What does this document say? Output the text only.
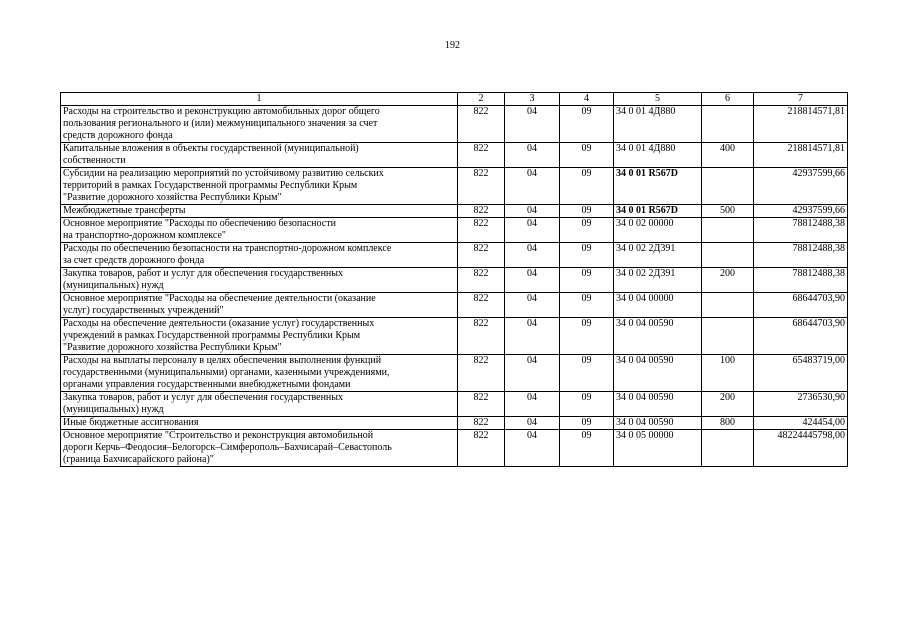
192
1	2	3	4	5	6	7

Расходы на строительство и реконструкцию автомобильных дорог общего
пользования регионального и (или) межмуниципального значения за счет
средств дорожного фонда	822	04	09	34 0 01 4Д880		218814571,81

Капитальные вложения в объекты государственной (муниципальной)
собственности	822	04	09	34 0 01 4Д880	400	218814571,81

Субсидии на реализацию мероприятий по устойчивому развитию сельских
территорий в рамках Государственной программы Республики Крым
"Развитие дорожного хозяйства Республики Крым"	822	04	09	34 0 01 R567D		42937599,66

Межбюджетные трансферты	822	04	09	34 0 01 R567D	500	42937599,66

Основное мероприятие "Расходы по обеспечению безопасности
на транспортно-дорожном комплексе"	822	04	09	34 0 02 00000		78812488,38

Расходы по обеспечению безопасности на транспортно-дорожном комплексе
за счет средств дорожного фонда	822	04	09	34 0 02 2Д391		78812488,38

Закупка товаров, работ и услуг для обеспечения государственных
(муниципальных) нужд	822	04	09	34 0 02 2Д391	200	78812488,38

Основное мероприятие "Расходы на обеспечение деятельности (оказание
услуг) государственных учреждений"	822	04	09	34 0 04 00000		68644703,90

Расходы на обеспечение деятельности (оказание услуг) государственных
учреждений в рамках Государственной программы Республики Крым
"Развитие дорожного хозяйства Республики Крым"	822	04	09	34 0 04 00590		68644703,90

Расходы на выплаты персоналу в целях обеспечения выполнения функций
государственными (муниципальными) органами, казенными учреждениями,
органами управления государственными внебюджетными фондами	822	04	09	34 0 04 00590	100	65483719,00

Закупка товаров, работ и услуг для обеспечения государственных
(муниципальных) нужд	822	04	09	34 0 04 00590	200	2736530,90

Иные бюджетные ассигнования	822	04	09	34 0 04 00590	800	424454,00

Основное мероприятие "Строительство и реконструкция автомобильной
дороги Керчь–Феодосия–Белогорск–Симферополь–Бахчисарай–Севастополь
(граница Бахчисарайского района)"	822	04	09	34 0 05 00000		48224445798,00
